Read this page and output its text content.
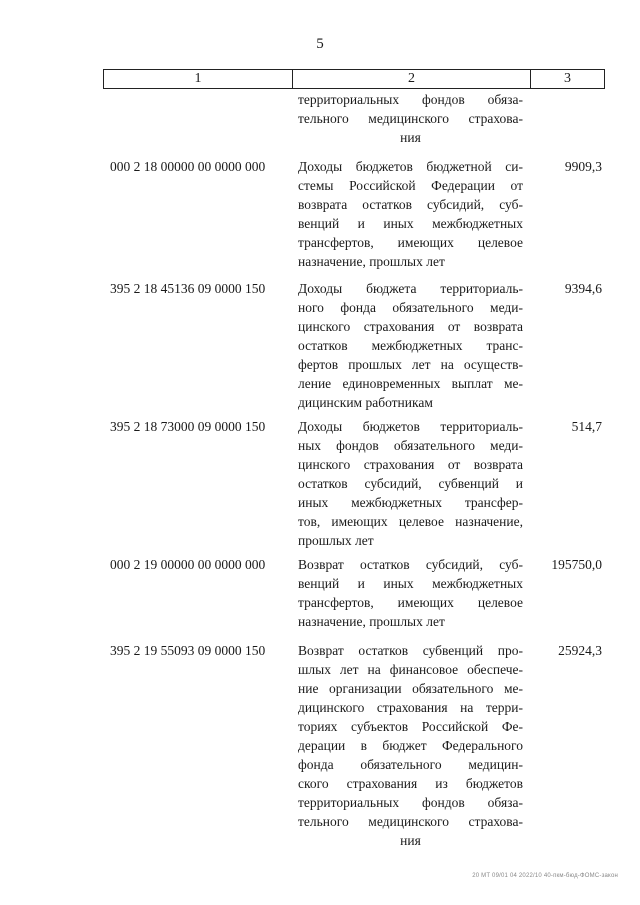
5
1	2	3
территориальных фондов обяза-
тельного медицинского страхова-
ния
000 2 18 00000 00 0000 000	Доходы бюджетов бюджетной си-
стемы Российской Федерации от
возврата остатков субсидий, суб-
венций и иных межбюджетных
трансфертов, имеющих целевое
назначение, прошлых лет
9909,3
395 2 18 45136 09 0000 150	Доходы бюджета территориаль-
ного фонда обязательного меди-
цинского страхования от возврата
остатков межбюджетных транс-
фертов прошлых лет на осуществ-
ление единовременных выплат ме-
дицинским работникам
9394,6
395 2 18 73000 09 0000 150	Доходы бюджетов территориаль-
ных фондов обязательного меди-
цинского страхования от возврата
остатков субсидий, субвенций и
иных межбюджетных трансфер-
тов, имеющих целевое назначение,
прошлых лет
514,7
000 2 19 00000 00 0000 000	Возврат остатков субсидий, суб-
венций и иных межбюджетных
трансфертов, имеющих целевое
назначение, прошлых лет
195750,0
395 2 19 55093 09 0000 150	Возврат остатков субвенций про-
шлых лет на финансовое обеспече-
ние организации обязательного ме-
дицинского страхования на терри-
ториях субъектов Российской Фе-
дерации в бюджет Федерального
фонда обязательного медицин-
ского страхования из бюджетов
территориальных фондов обяза-
тельного медицинского страхова-
ния
25924,3
20 МТ 09/01 04 2022/10 40-пкм-бюд-ФОМС-закон
